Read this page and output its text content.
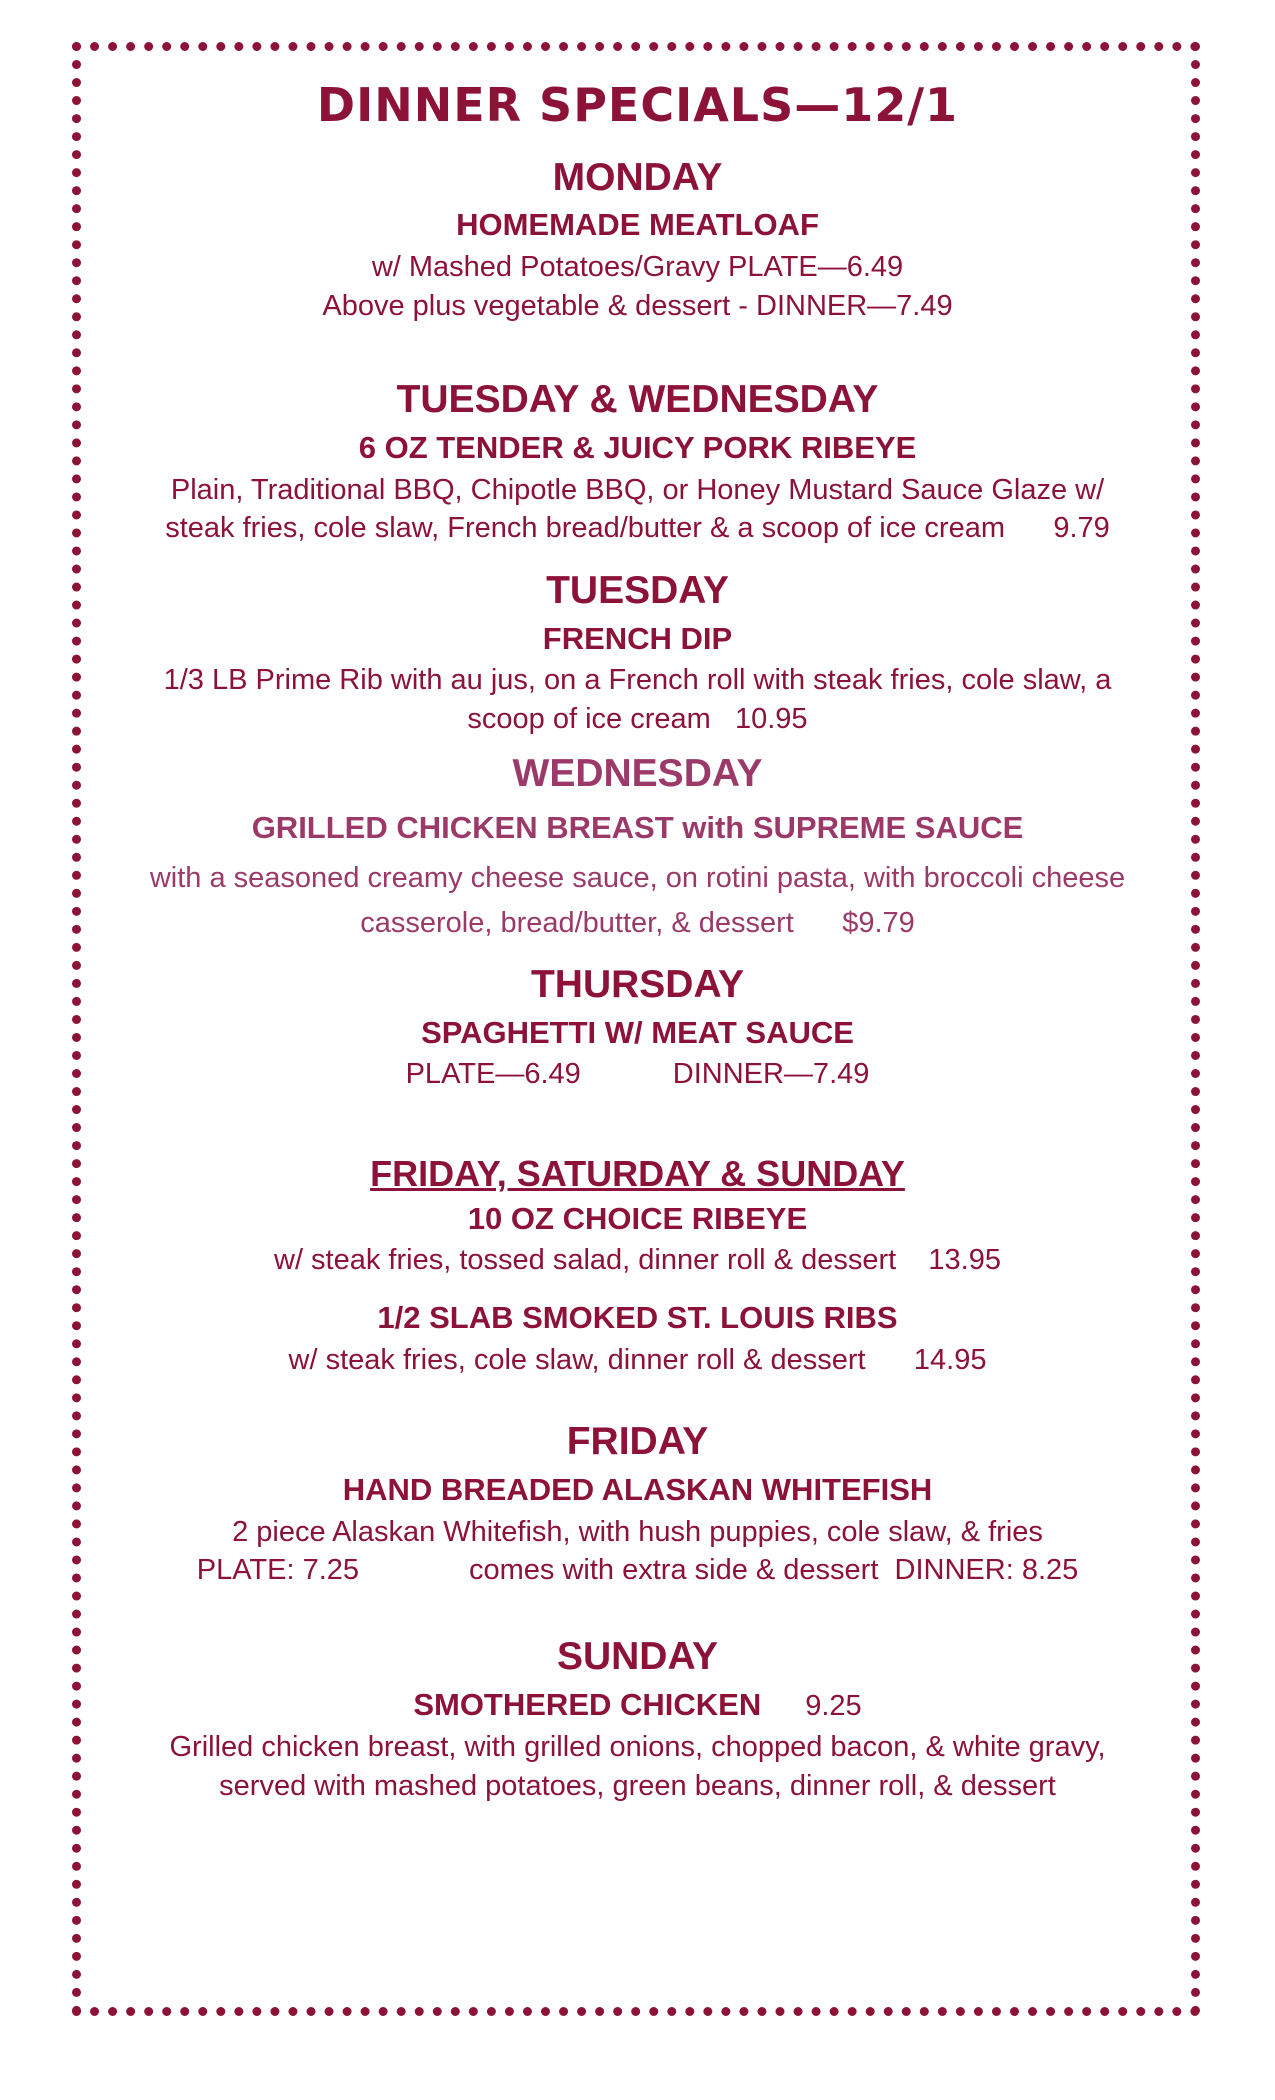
DINNER SPECIALS—12/1
MONDAY
HOMEMADE MEATLOAF
w/ Mashed Potatoes/Gravy PLATE—6.49
Above plus vegetable & dessert - DINNER—7.49
TUESDAY & WEDNESDAY
6 OZ TENDER & JUICY PORK RIBEYE
Plain, Traditional BBQ, Chipotle BBQ, or Honey Mustard Sauce Glaze w/
steak fries, cole slaw, French bread/butter & a scoop of ice cream 9.79
TUESDAY
FRENCH DIP
1/3 LB Prime Rib with au jus, on a French roll with steak fries, cole slaw, a
scoop of ice cream 10.95
WEDNESDAY
GRILLED CHICKEN BREAST with SUPREME SAUCE
with a seasoned creamy cheese sauce, on rotini pasta, with broccoli cheese
casserole, bread/butter, & dessert $9.79
THURSDAY
SPAGHETTI W/ MEAT SAUCE
PLATE—6.49	DINNER—7.49
FRIDAY, SATURDAY & SUNDAY
10 OZ CHOICE RIBEYE
w/ steak fries, tossed salad, dinner roll & dessert 13.95
1/2 SLAB SMOKED ST. LOUIS RIBS
w/ steak fries, cole slaw, dinner roll & dessert 14.95
FRIDAY
HAND BREADED ALASKAN WHITEFISH
2 piece Alaskan Whitefish, with hush puppies, cole slaw, & fries
PLATE: 7.25	comes with extra side & dessert DINNER: 8.25
SUNDAY
SMOTHERED CHICKEN 9.25
Grilled chicken breast, with grilled onions, chopped bacon, & white gravy,
served with mashed potatoes, green beans, dinner roll, & dessert
